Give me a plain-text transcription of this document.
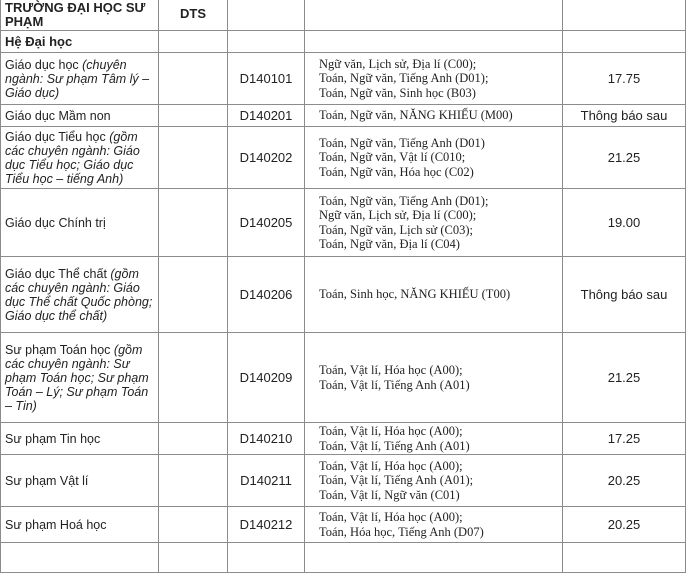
TRƯỜNG ĐẠI HỌC SƯ PHẠM	DTS			
Hệ Đại học				
Giáo dục học (chuyên ngành: Sư phạm Tâm lý – Giáo dục)		D140101	Ngữ văn, Lịch sử, Địa lí (C00);
Toán, Ngữ văn, Tiếng Anh (D01);
Toán, Ngữ văn, Sinh học (B03)	17.75
Giáo dục Mầm non		D140201	Toán, Ngữ văn, NĂNG KHIẾU (M00)	Thông báo sau
Giáo dục Tiểu học (gồm các chuyên ngành: Giáo dục Tiểu học; Giáo dục Tiểu học – tiếng Anh)		D140202	Toán, Ngữ văn, Tiếng Anh (D01)
Toán, Ngữ văn, Vật lí (C010;
Toán, Ngữ văn, Hóa học (C02)	21.25
Giáo dục Chính trị		D140205	Toán, Ngữ văn, Tiếng Anh (D01);
Ngữ văn, Lịch sử, Địa lí (C00);
Toán, Ngữ văn, Lịch sử (C03);
Toán, Ngữ văn, Địa lí (C04)	19.00
Giáo dục Thể chất (gồm các chuyên ngành: Giáo dục Thể chất Quốc phòng; Giáo dục thể chất)		D140206	Toán, Sinh học, NĂNG KHIẾU (T00)	Thông báo sau
Sư phạm Toán học (gồm các chuyên ngành: Sư phạm Toán học; Sư phạm Toán – Lý; Sư phạm Toán – Tin)		D140209	Toán, Vật lí, Hóa học (A00);
Toán, Vật lí, Tiếng Anh (A01)	21.25
Sư phạm Tin học		D140210	Toán, Vật lí, Hóa học (A00);
Toán, Vật lí, Tiếng Anh (A01)	17.25
Sư phạm Vật lí		D140211	Toán, Vật lí, Hóa học (A00);
Toán, Vật lí, Tiếng Anh (A01);
Toán, Vật lí, Ngữ văn (C01)	20.25
Sư phạm Hoá học		D140212	Toán, Vật lí, Hóa học (A00);
Toán, Hóa học, Tiếng Anh (D07)	20.25
